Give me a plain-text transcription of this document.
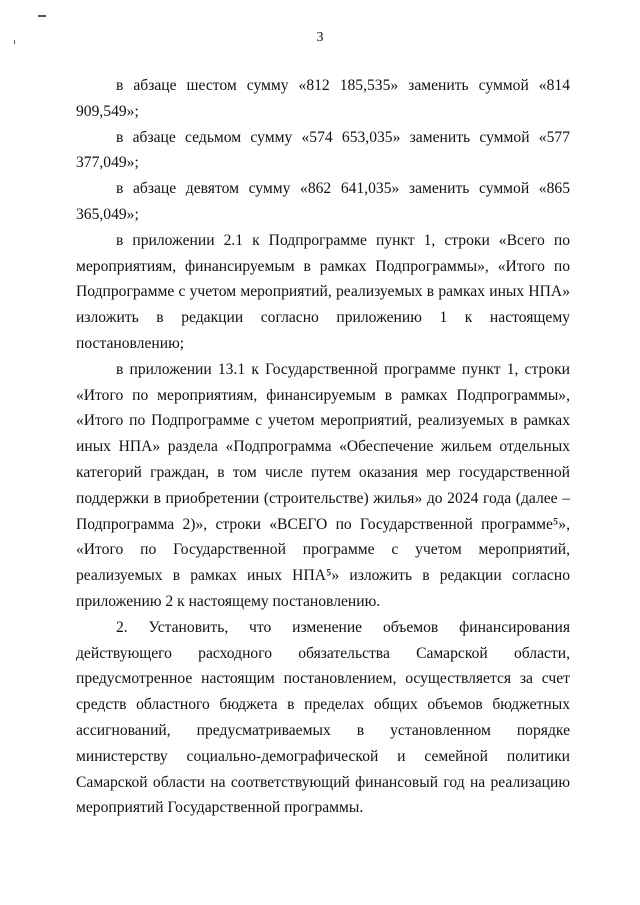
3

в абзаце шестом сумму «812 185,535» заменить суммой «814 909,549»;

в абзаце седьмом сумму «574 653,035» заменить суммой «577 377,049»;

в абзаце девятом сумму «862 641,035» заменить суммой «865 365,049»;

в приложении 2.1 к Подпрограмме пункт 1, строки «Всего по мероприятиям, финансируемым в рамках Подпрограммы», «Итого по Подпрограмме с учетом мероприятий, реализуемых в рамках иных НПА» изложить в редакции согласно приложению 1 к настоящему постановлению;

в приложении 13.1 к Государственной программе пункт 1, строки «Итого по мероприятиям, финансируемым в рамках Подпрограммы», «Итого по Подпрограмме с учетом мероприятий, реализуемых в рамках иных НПА» раздела «Подпрограмма «Обеспечение жильем отдельных категорий граждан, в том числе путем оказания мер государственной поддержки в приобретении (строительстве) жилья» до 2024 года (далее – Подпрограмма 2)», строки «ВСЕГО по Государственной программе⁵», «Итого по Государственной программе с учетом мероприятий, реализуемых в рамках иных НПА⁵» изложить в редакции согласно приложению 2 к настоящему постановлению.

2. Установить, что изменение объемов финансирования действующего расходного обязательства Самарской области, предусмотренное настоящим постановлением, осуществляется за счет средств областного бюджета в пределах общих объемов бюджетных ассигнований, предусматриваемых в установленном порядке министерству социально-демографической и семейной политики Самарской области на соответствующий финансовый год на реализацию мероприятий Государственной программы.
